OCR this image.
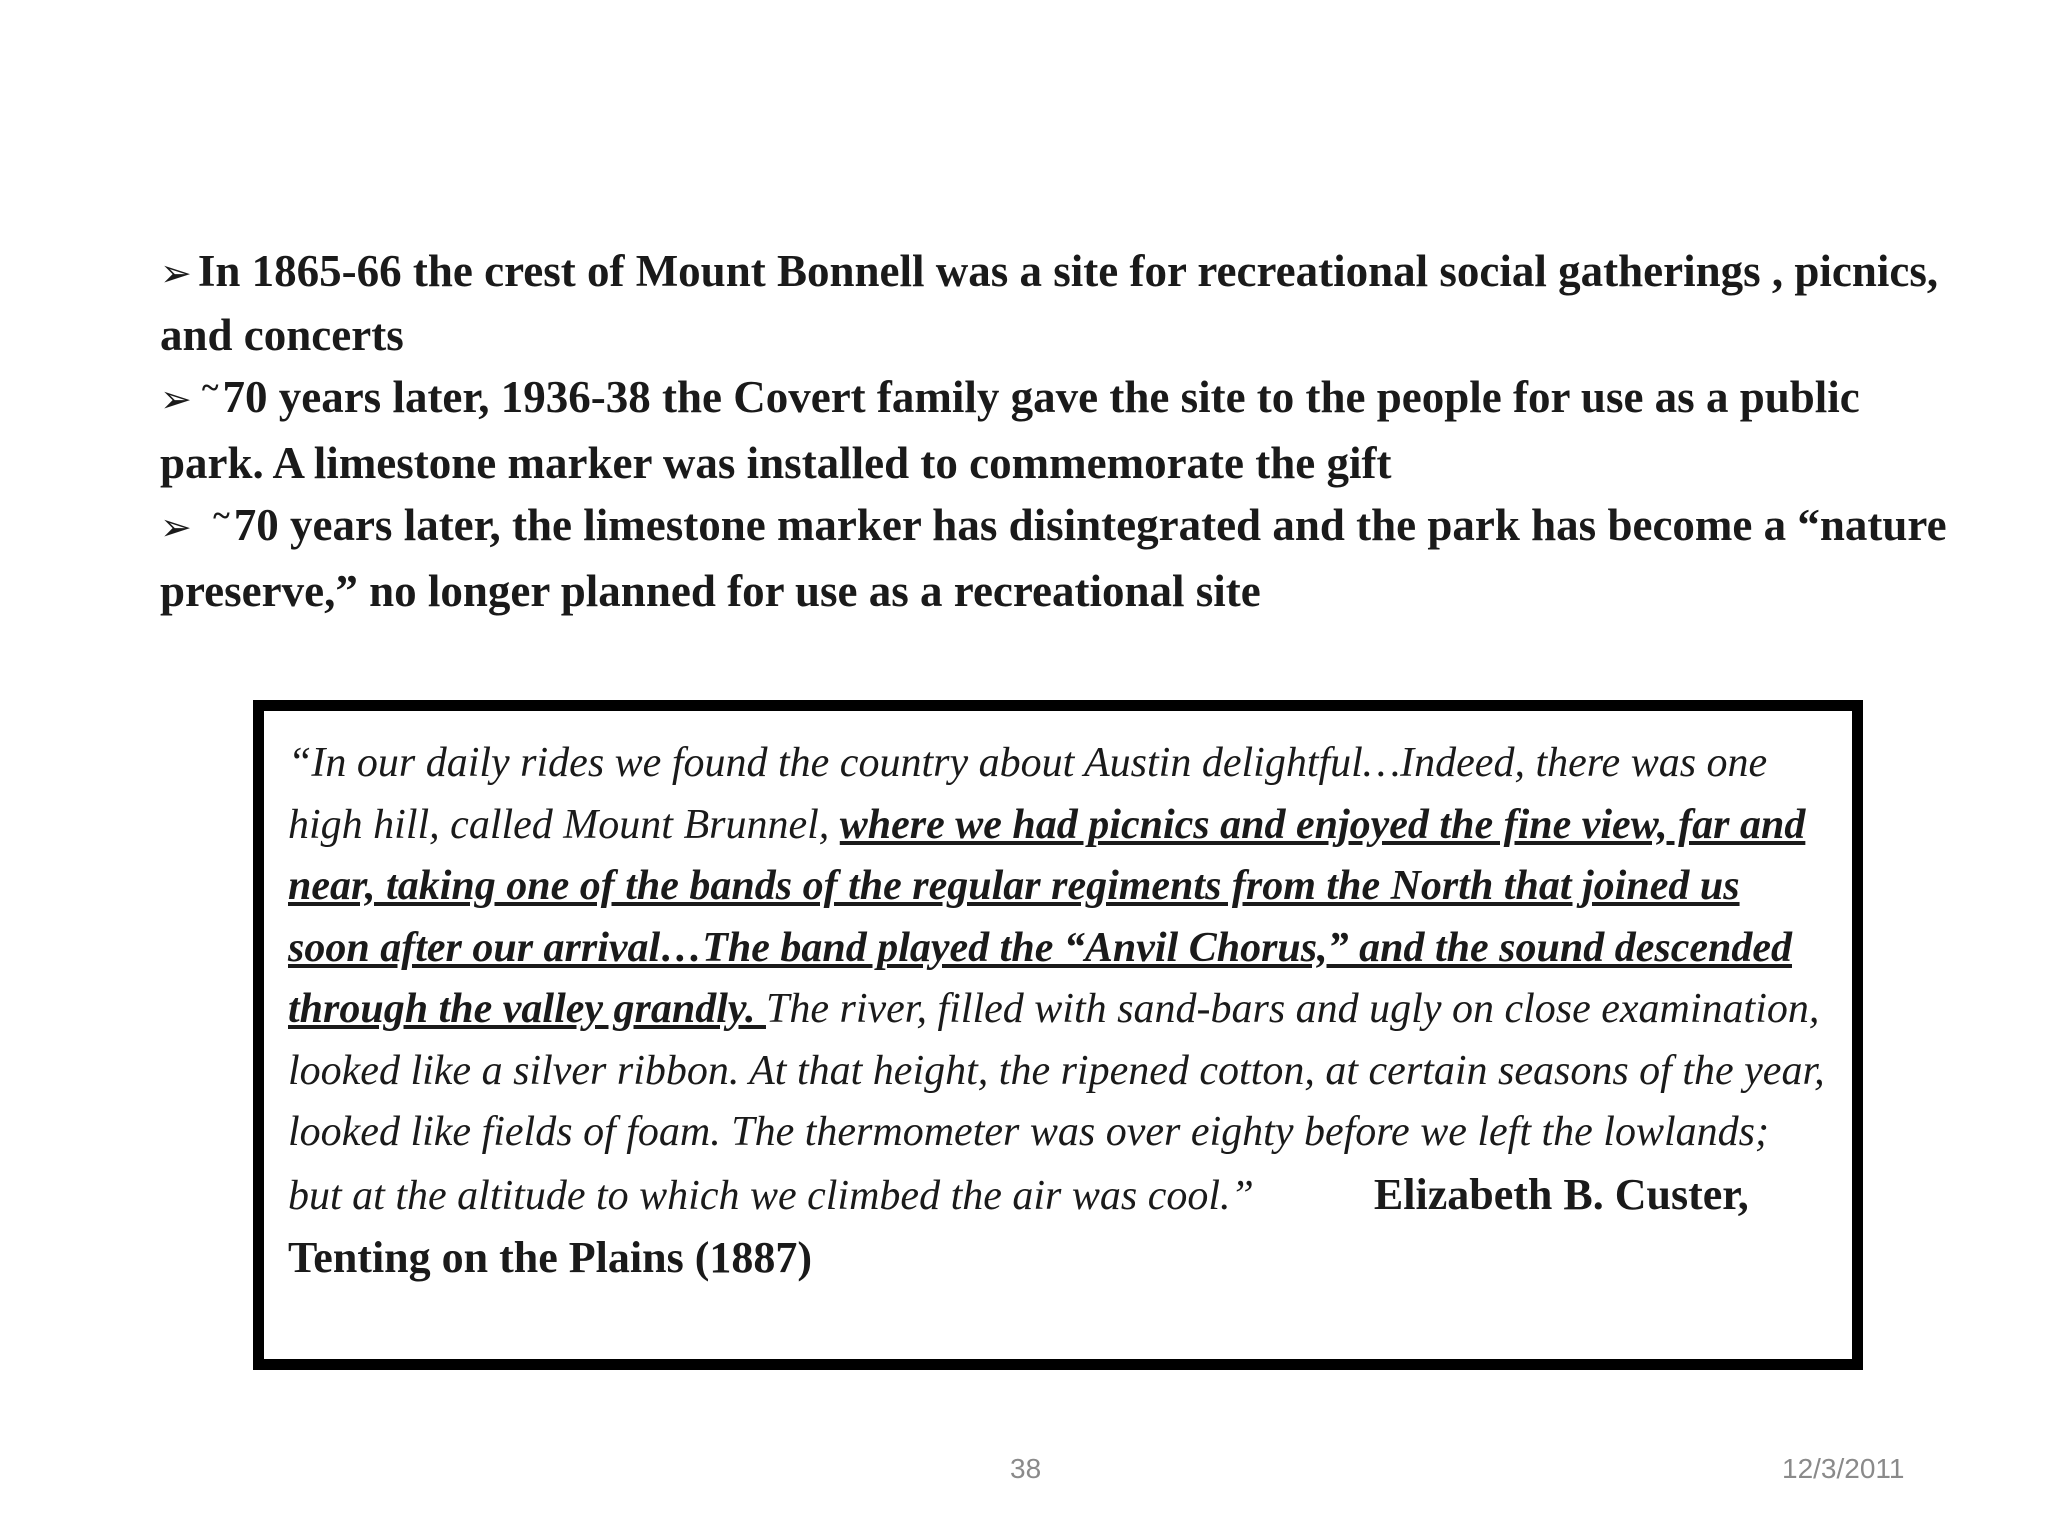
➢ In 1865-66 the crest of Mount Bonnell was a site for recreational social gatherings , picnics, and concerts

➢ ~70 years later, 1936-38 the Covert family gave the site to the people for use as a public park. A limestone marker was installed to commemorate the gift

➢ ~70 years later, the limestone marker has disintegrated and the park has become a “nature preserve,” no longer planned for use as a recreational site

“In our daily rides we found the country about Austin delightful…Indeed, there was one high hill, called Mount Brunnel, where we had picnics and enjoyed the fine view, far and near, taking one of the bands of the regular regiments from the North that joined us soon after our arrival…The band played the “Anvil Chorus,” and the sound descended through the valley grandly. The river, filled with sand-bars and ugly on close examination, looked like a silver ribbon. At that height, the ripened cotton, at certain seasons of the year, looked like fields of foam. The thermometer was over eighty before we left the lowlands; but at the altitude to which we climbed the air was cool.”	Elizabeth B. Custer, Tenting on the Plains (1887)
38	12/3/2011
